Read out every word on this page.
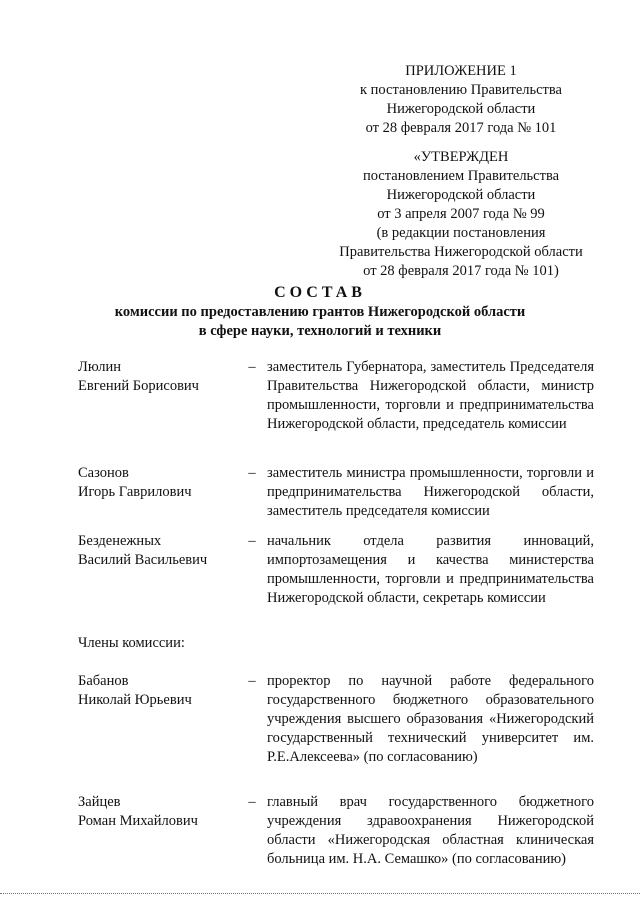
ПРИЛОЖЕНИЕ 1
к постановлению Правительства
Нижегородской области
от 28 февраля 2017 года № 101
«УТВЕРЖДЕН
постановлением Правительства
Нижегородской области
от 3 апреля 2007 года № 99
(в редакции постановления
Правительства Нижегородской области
от 28 февраля 2017 года № 101)
СОСТАВ
комиссии по предоставлению грантов Нижегородской области
в сфере науки, технологий и техники
Люлин
Евгений Борисович
– заместитель Губернатора, заместитель Председателя Правительства Нижегородской области, министр промышленности, торговли и предпринимательства Нижегородской области, председатель комиссии
Сазонов
Игорь Гаврилович
– заместитель министра промышленности, торговли и предпринимательства Нижегородской области, заместитель председателя комиссии
Безденежных
Василий Васильевич
– начальник отдела развития инноваций, импортозамещения и качества министерства промышленности, торговли и предпринимательства Нижегородской области, секретарь комиссии
Члены комиссии:
Бабанов
Николай Юрьевич
– проректор по научной работе федерального государственного бюджетного образовательного учреждения высшего образования «Нижегородский государственный технический университет им. Р.Е.Алексеева» (по согласованию)
Зайцев
Роман Михайлович
– главный врач государственного бюджетного учреждения здравоохранения Нижегородской области «Нижегородская областная клиническая больница им. Н.А. Семашко» (по согласованию)
